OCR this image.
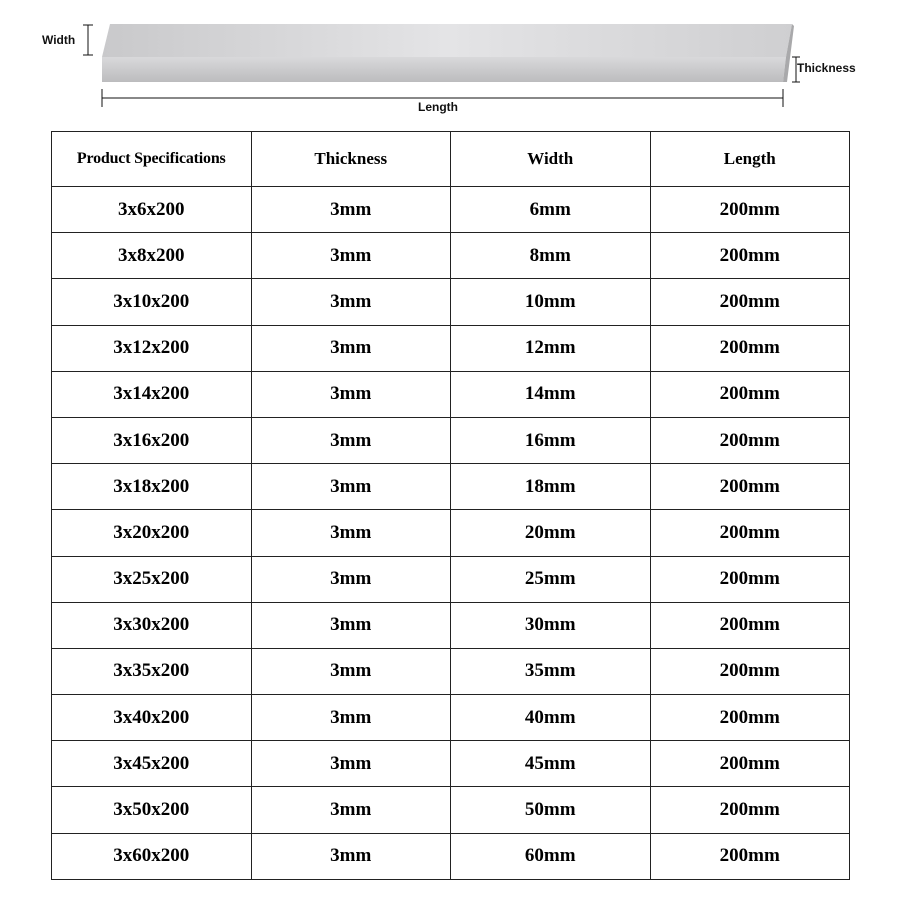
Width
Thickness
Length
Product Specifications	Thickness	Width	Length
3x6x200	3mm	6mm	200mm
3x8x200	3mm	8mm	200mm
3x10x200	3mm	10mm	200mm
3x12x200	3mm	12mm	200mm
3x14x200	3mm	14mm	200mm
3x16x200	3mm	16mm	200mm
3x18x200	3mm	18mm	200mm
3x20x200	3mm	20mm	200mm
3x25x200	3mm	25mm	200mm
3x30x200	3mm	30mm	200mm
3x35x200	3mm	35mm	200mm
3x40x200	3mm	40mm	200mm
3x45x200	3mm	45mm	200mm
3x50x200	3mm	50mm	200mm
3x60x200	3mm	60mm	200mm
